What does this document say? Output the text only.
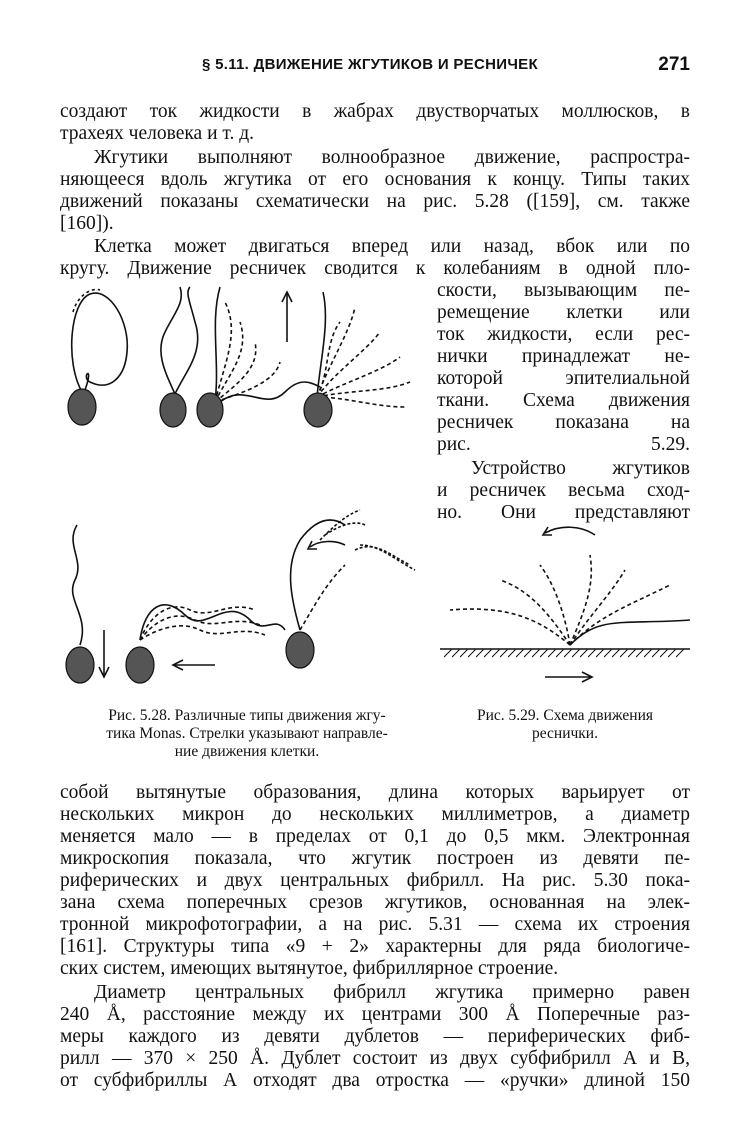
§ 5.11. ДВИЖЕНИЕ ЖГУТИКОВ И РЕСНИЧЕК	271
создают ток жидкости в жабрах двустворчатых моллюсков, в
трахеях человека и т. д.
Жгутики выполняют волнообразное движение, распростра-
няющееся вдоль жгутика от его основания к концу. Типы таких
движений показаны схематически на рис. 5.28 ([159], см. также
[160]).
Клетка может двигаться вперед или назад, вбок или по
кругу. Движение ресничек сводится к колебаниям в одной пло-
скости, вызывающим пе-
ремещение клетки или
ток жидкости, если рес-
нички принадлежат не-
которой эпителиальной
ткани. Схема движения
ресничек показана на
рис. 5.29.
Устройство жгутиков
и ресничек весьма сход-
но. Они представляют
Рис. 5.28. Различные типы движения жгу-
тика Monas. Стрелки указывают направле-
ние движения клетки.
Рис. 5.29. Схема движения
реснички.
собой вытянутые образования, длина которых варьирует от
нескольких микрон до нескольких миллиметров, а диаметр
меняется мало — в пределах от 0,1 до 0,5 мкм. Электронная
микроскопия показала, что жгутик построен из девяти пе-
риферических и двух центральных фибрилл. На рис. 5.30 пока-
зана схема поперечных срезов жгутиков, основанная на элек-
тронной микрофотографии, а на рис. 5.31 — схема их строения
[161]. Структуры типа «9 + 2» характерны для ряда биологиче-
ских систем, имеющих вытянутое, фибриллярное строение.
Диаметр центральных фибрилл жгутика примерно равен
240 Å, расстояние между их центрами 300 Å Поперечные раз-
меры каждого из девяти дублетов — периферических фиб-
рилл — 370 × 250 Å. Дублет состоит из двух субфибрилл А и В,
от субфибриллы А отходят два отростка — «ручки» длиной 150
